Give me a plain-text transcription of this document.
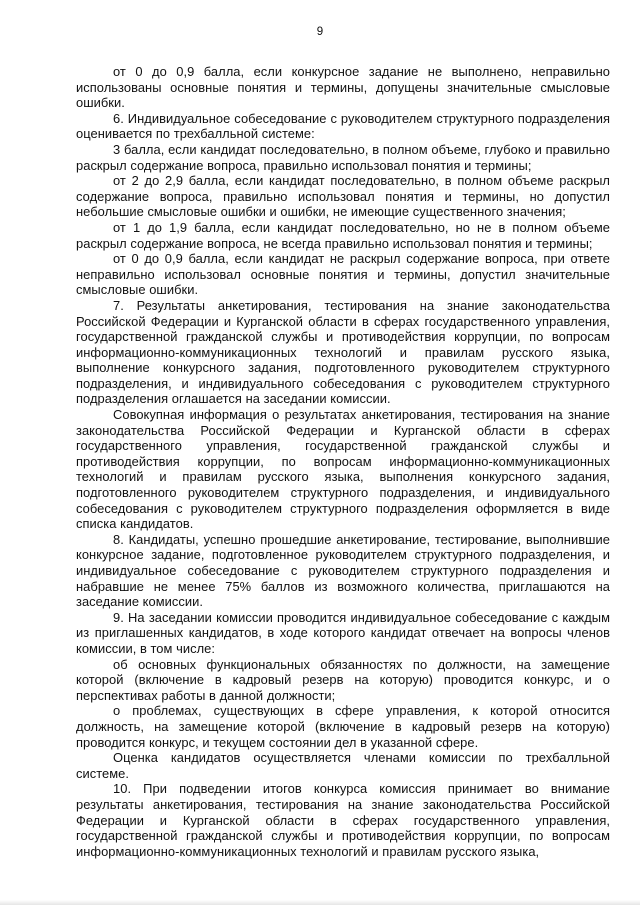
9

от 0 до 0,9 балла, если конкурсное задание не выполнено, неправильно использованы основные понятия и термины, допущены значительные смысловые ошибки.

6. Индивидуальное собеседование с руководителем структурного подразделения оценивается по трехбалльной системе:

3 балла, если кандидат последовательно, в полном объеме, глубоко и правильно раскрыл содержание вопроса, правильно использовал понятия и термины;

от 2 до 2,9 балла, если кандидат последовательно, в полном объеме раскрыл содержание вопроса, правильно использовал понятия и термины, но допустил небольшие смысловые ошибки и ошибки, не имеющие существенного значения;

от 1 до 1,9 балла, если кандидат последовательно, но не в полном объеме раскрыл содержание вопроса, не всегда правильно использовал понятия и термины;

от 0 до 0,9 балла, если кандидат не раскрыл содержание вопроса, при ответе неправильно использовал основные понятия и термины, допустил значительные смысловые ошибки.

7. Результаты анкетирования, тестирования на знание законодательства Российской Федерации и Курганской области в сферах государственного управления, государственной гражданской службы и противодействия коррупции, по вопросам информационно-коммуникационных технологий и правилам русского языка, выполнение конкурсного задания, подготовленного руководителем структурного подразделения, и индивидуального собеседования с руководителем структурного подразделения оглашается на заседании комиссии.

Совокупная информация о результатах анкетирования, тестирования на знание законодательства Российской Федерации и Курганской области в сферах государственного управления, государственной гражданской службы и противодействия коррупции, по вопросам информационно-коммуникационных технологий и правилам русского языка, выполнения конкурсного задания, подготовленного руководителем структурного подразделения, и индивидуального собеседования с руководителем структурного подразделения оформляется в виде списка кандидатов.

8. Кандидаты, успешно прошедшие анкетирование, тестирование, выполнившие конкурсное задание, подготовленное руководителем структурного подразделения, и индивидуальное собеседование с руководителем структурного подразделения и набравшие не менее 75% баллов из возможного количества, приглашаются на заседание комиссии.

9. На заседании комиссии проводится индивидуальное собеседование с каждым из приглашенных кандидатов, в ходе которого кандидат отвечает на вопросы членов комиссии, в том числе:

об основных функциональных обязанностях по должности, на замещение которой (включение в кадровый резерв на которую) проводится конкурс, и о перспективах работы в данной должности;

о проблемах, существующих в сфере управления, к которой относится должность, на замещение которой (включение в кадровый резерв на которую) проводится конкурс, и текущем состоянии дел в указанной сфере.

Оценка кандидатов осуществляется членами комиссии по трехбалльной системе.

10. При подведении итогов конкурса комиссия принимает во внимание результаты анкетирования, тестирования на знание законодательства Российской Федерации и Курганской области в сферах государственного управления, государственной гражданской службы и противодействия коррупции, по вопросам информационно-коммуникационных технологий и правилам русского языка,
